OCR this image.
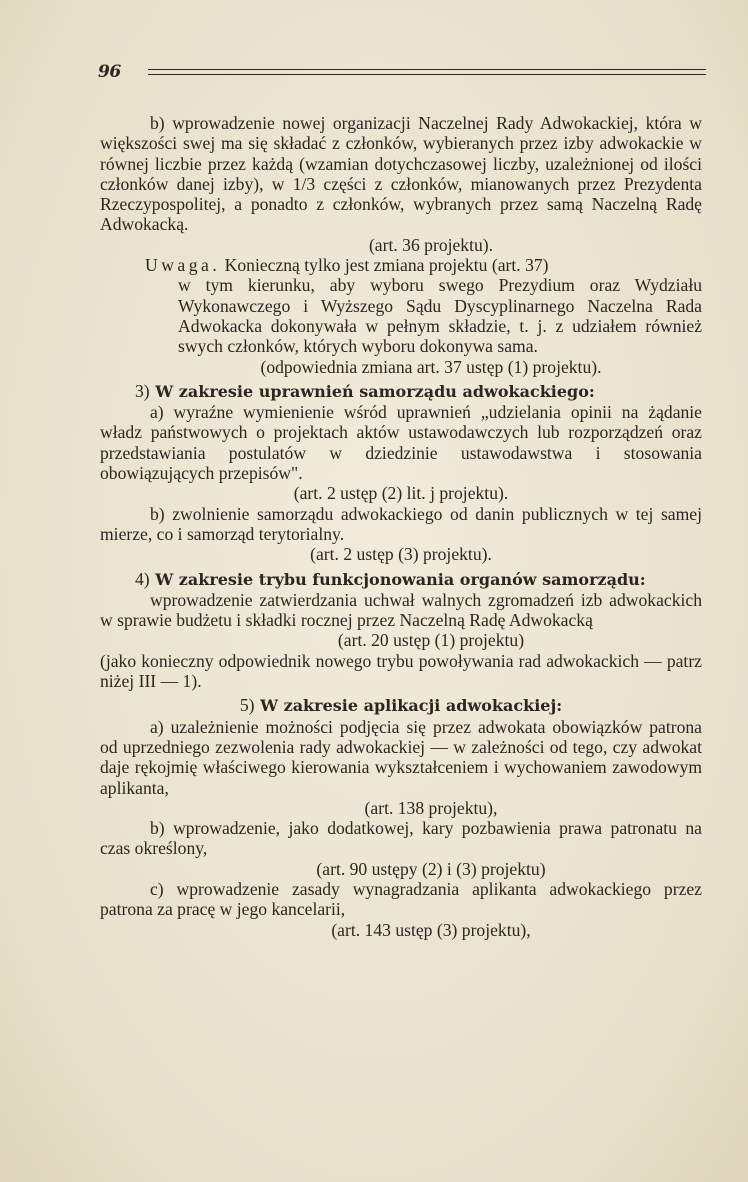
96

b) wprowadzenie nowej organizacji Naczelnej Rady Adwokackiej, która w większości swej ma się składać z członków, wybieranych przez izby adwokackie w równej liczbie przez każdą (wzamian dotychczasowej liczby, uzależnionej od ilości członków danej izby), w 1/3 części z członków, mianowanych przez Prezydenta Rzeczypospolitej, a ponadto z członków, wybranych przez samą Naczelną Radę Adwokacką.

(art. 36 projektu).

Uwaga. Konieczną tylko jest zmiana projektu (art. 37)

w tym kierunku, aby wyboru swego Prezydium oraz Wydziału Wykonawczego i Wyższego Sądu Dyscyplinarnego Naczelna Rada Adwokacka dokonywała w pełnym składzie, t. j. z udziałem również swych członków, których wyboru dokonywa sama.

(odpowiednia zmiana art. 37 ustęp (1) projektu).

3) W zakresie uprawnień samorządu adwokackiego:

a) wyraźne wymienienie wśród uprawnień „udzielania opinii na żądanie władz państwowych o projektach aktów ustawodawczych lub rozporządzeń oraz przedstawiania postulatów w dziedzinie ustawodawstwa i stosowania obowiązujących przepisów".

(art. 2 ustęp (2) lit. j projektu).

b) zwolnienie samorządu adwokackiego od danin publicznych w tej samej mierze, co i samorząd terytorialny.

(art. 2 ustęp (3) projektu).

4) W zakresie trybu funkcjonowania organów samorządu:

wprowadzenie zatwierdzania uchwał walnych zgromadzeń izb adwokackich w sprawie budżetu i składki rocznej przez Naczelną Radę Adwokacką

(art. 20 ustęp (1) projektu)

(jako konieczny odpowiednik nowego trybu powoływania rad adwokackich — patrz niżej III — 1).

5) W zakresie aplikacji adwokackiej:

a) uzależnienie możności podjęcia się przez adwokata obowiązków patrona od uprzedniego zezwolenia rady adwokackiej — w zależności od tego, czy adwokat daje rękojmię właściwego kierowania wykształceniem i wychowaniem zawodowym aplikanta,

(art. 138 projektu),

b) wprowadzenie, jako dodatkowej, kary pozbawienia prawa patronatu na czas określony,

(art. 90 ustępy (2) i (3) projektu)

c) wprowadzenie zasady wynagradzania aplikanta adwokackiego przez patrona za pracę w jego kancelarii,

(art. 143 ustęp (3) projektu),
